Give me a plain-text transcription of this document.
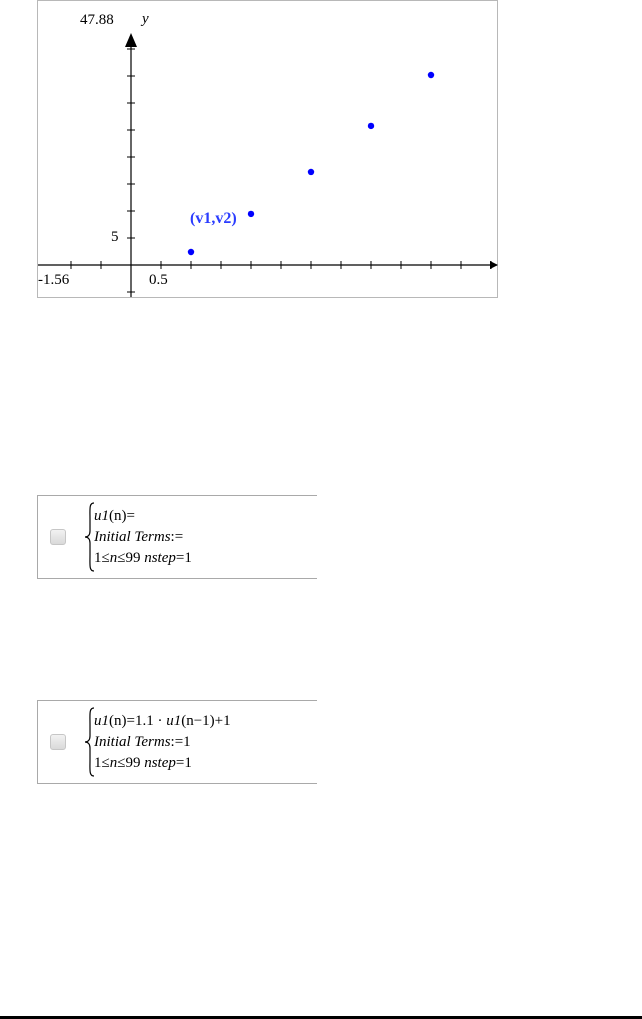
47.88 y
5
-1.56	0.5
(v1,v2)
u1(n)=
Initial Terms:=
1≤n≤99 nstep=1
u1(n)=1.1 · u1(n−1)+1
Initial Terms:=1
1≤n≤99 nstep=1
